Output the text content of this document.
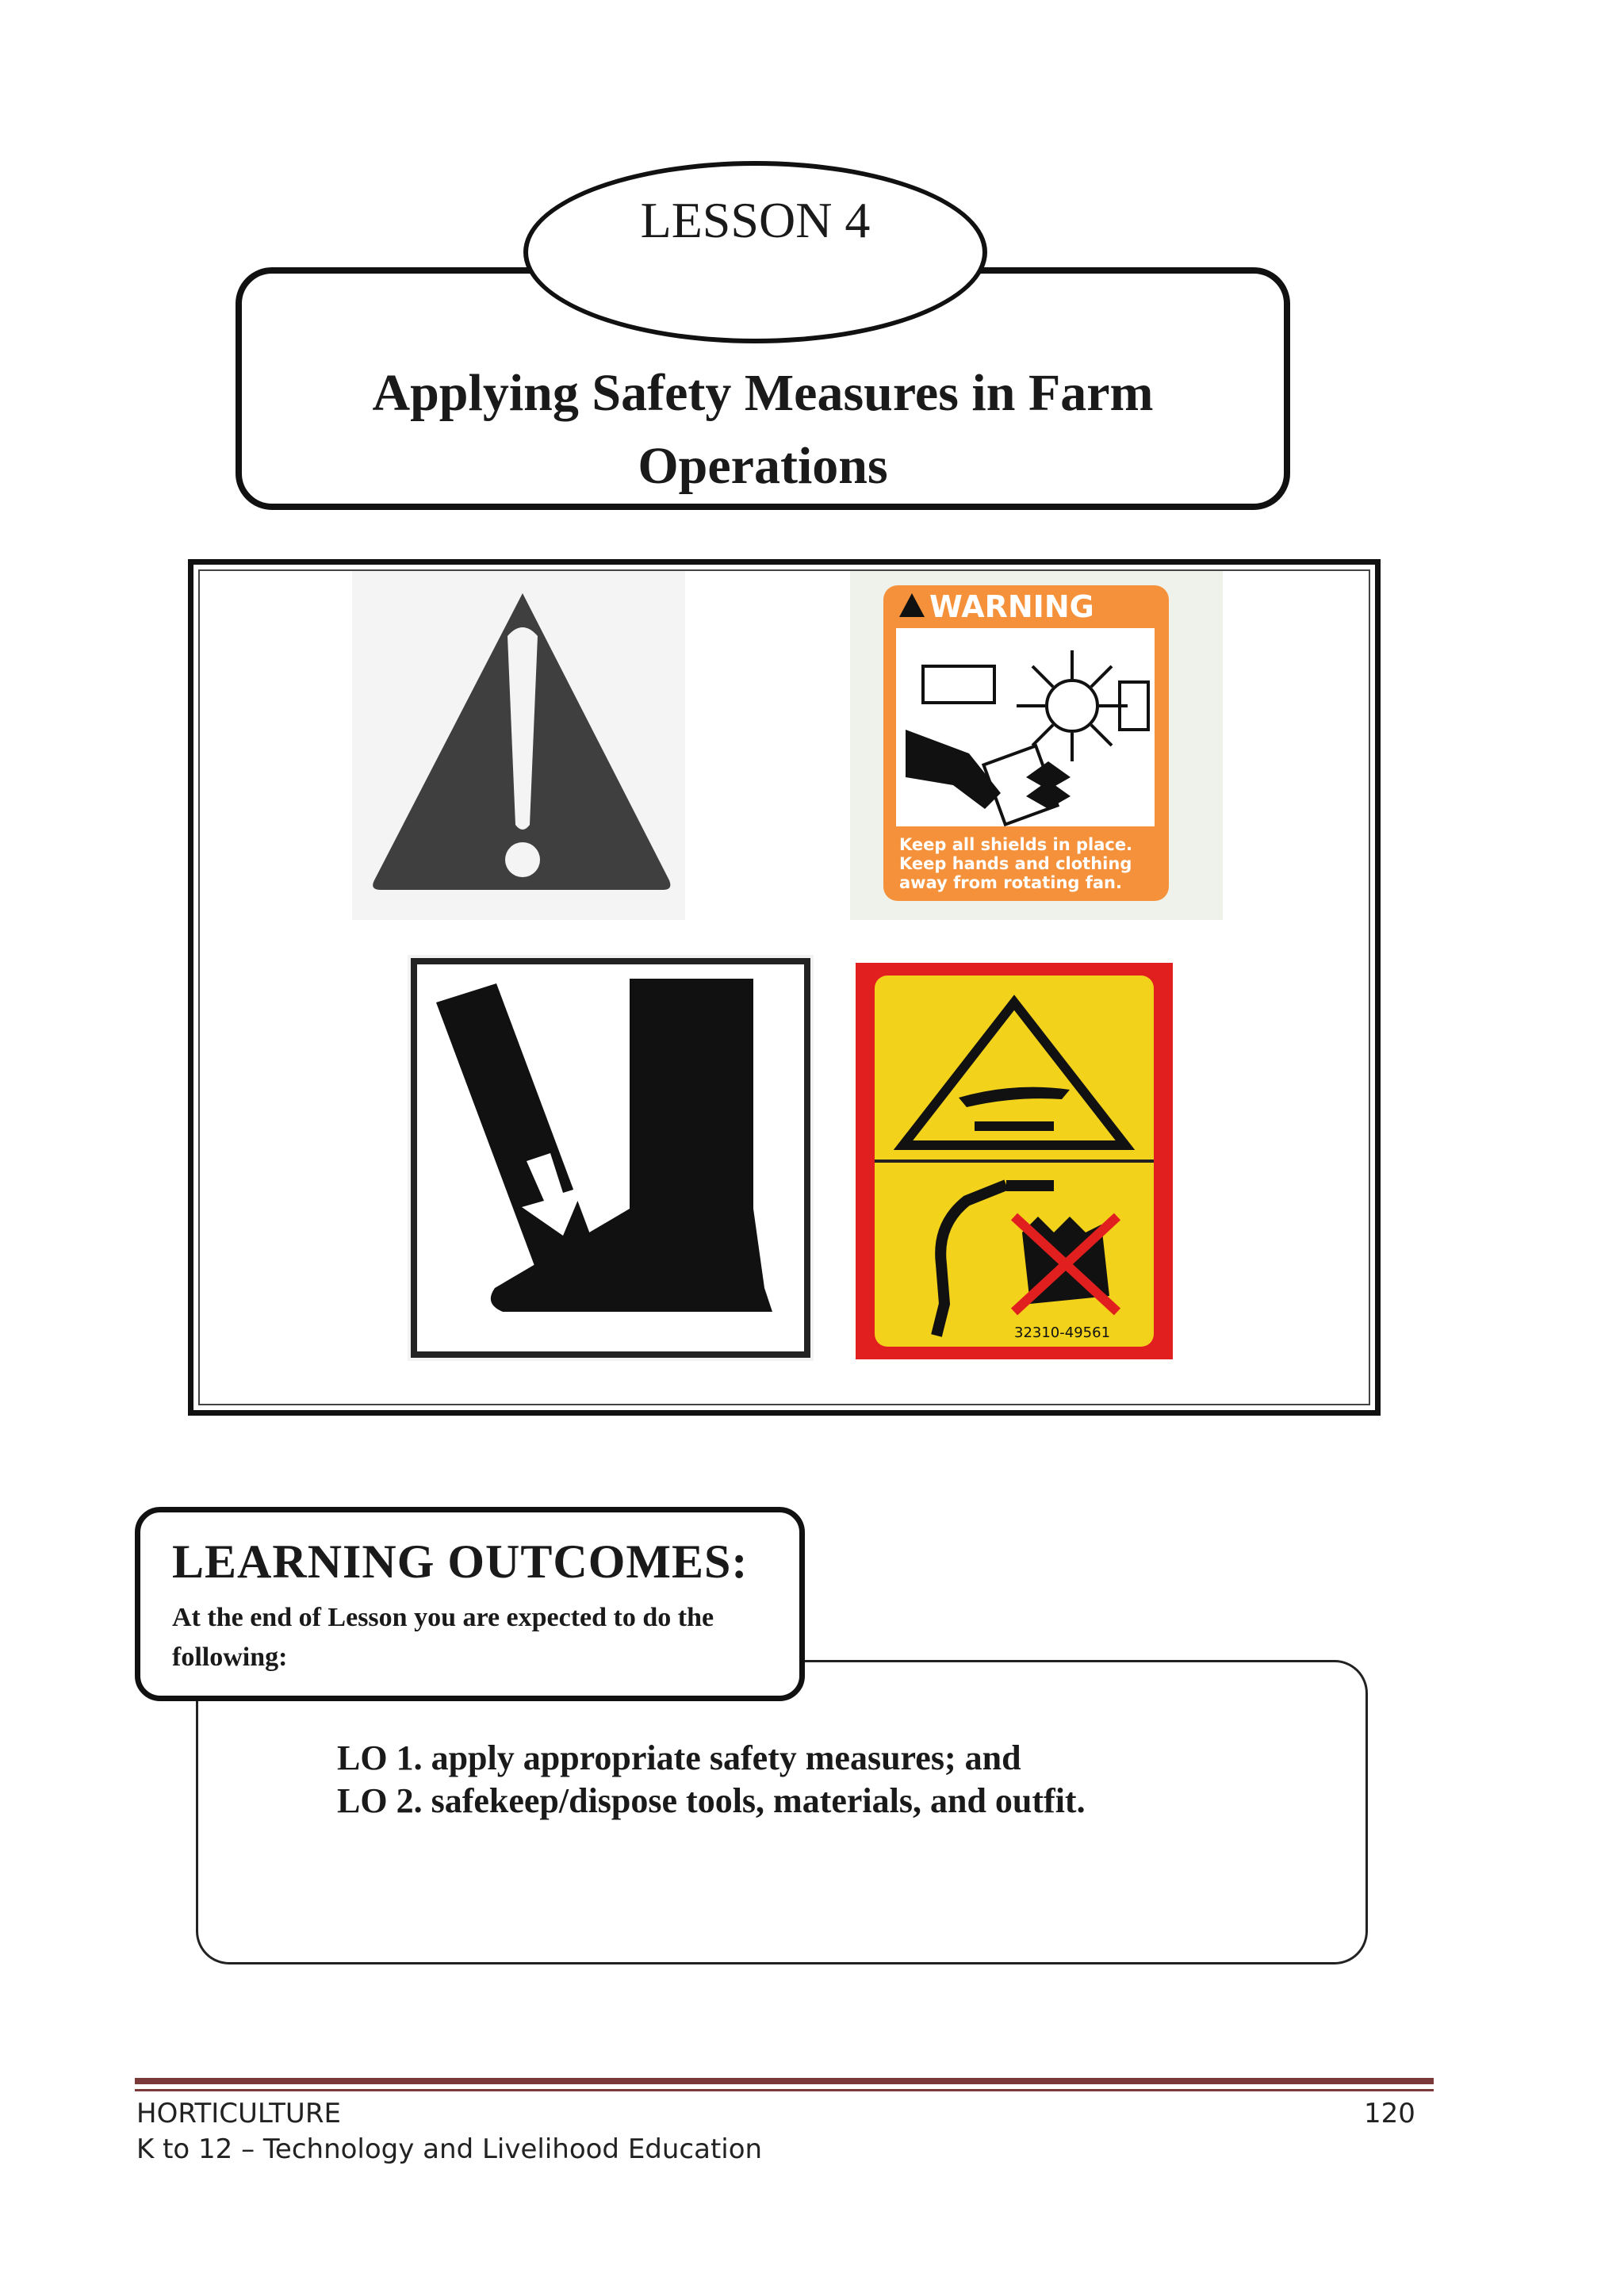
LESSON 4
Applying Safety Measures in Farm
Operations
WARNING
Keep all shields in place.
Keep hands and clothing
away from rotating fan.
32310-49561
LEARNING OUTCOMES:
At the end of Lesson you are expected to do the following:
LO 1. apply appropriate safety measures; and
LO 2. safekeep/dispose tools, materials, and outfit.
HORTICULTURE	120
K to 12 – Technology and Livelihood Education
